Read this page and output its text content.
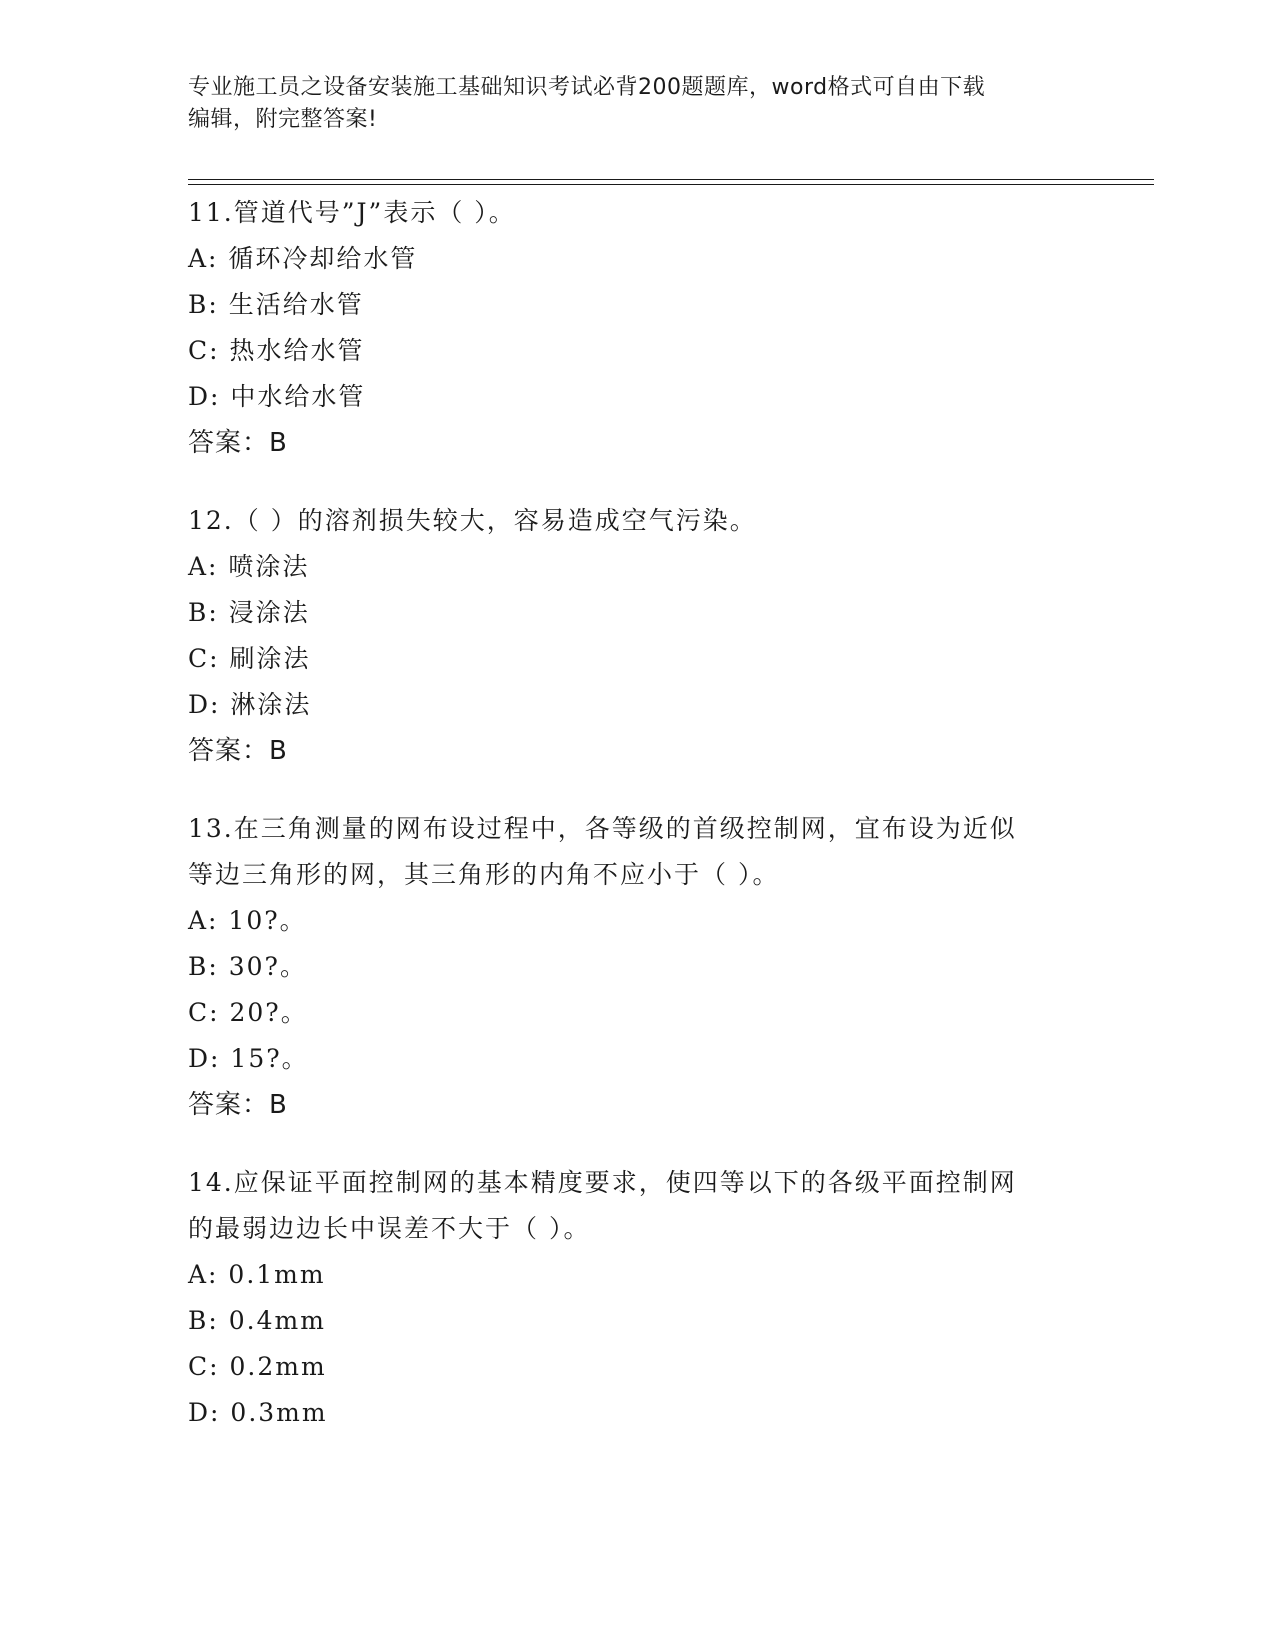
专业施工员之设备安装施工基础知识考试必背200题题库，word格式可自由下载
编辑，附完整答案!
11.管道代号”J”表示（ ）。
A: 循环冷却给水管
B: 生活给水管
C: 热水给水管
D: 中水给水管
答案：B
12.（ ）的溶剂损失较大，容易造成空气污染。
A: 喷涂法
B: 浸涂法
C: 刷涂法
D: 淋涂法
答案：B
13.在三角测量的网布设过程中，各等级的首级控制网，宜布设为近似
等边三角形的网，其三角形的内角不应小于（ ）。
A: 10?。
B: 30?。
C: 20?。
D: 15?。
答案：B
14.应保证平面控制网的基本精度要求，使四等以下的各级平面控制网
的最弱边边长中误差不大于（ ）。
A: 0.1mm
B: 0.4mm
C: 0.2mm
D: 0.3mm
